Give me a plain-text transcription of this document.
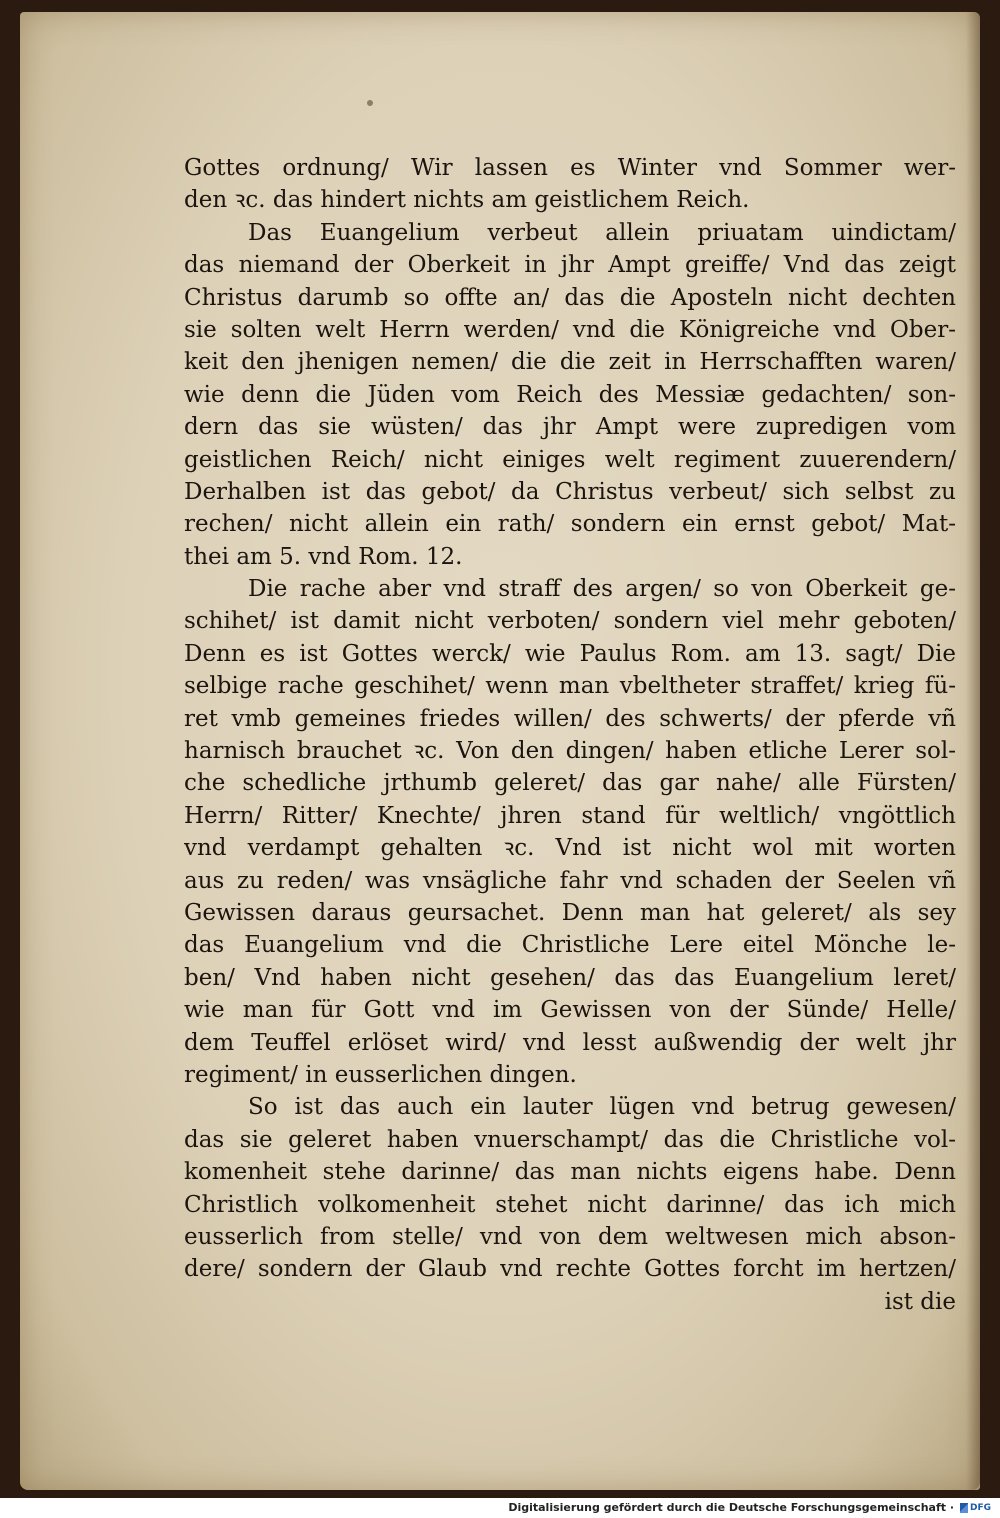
Gottes ordnung/ Wir lassen es Winter vnd Sommer wer-
den ꝛc. das hindert nichts am geistlichem Reich.
Das Euangelium verbeut allein priuatam uindictam/
das niemand der Oberkeit in jhr Ampt greiffe/ Vnd das zeigt
Christus darumb so offte an/ das die Aposteln nicht dechten
sie solten welt Herrn werden/ vnd die Königreiche vnd Ober-
keit den jhenigen nemen/ die die zeit in Herrschafften waren/
wie denn die Jüden vom Reich des Messiæ gedachten/ son-
dern das sie wüsten/ das jhr Ampt were zupredigen vom
geistlichen Reich/ nicht einiges welt regiment zuuerendern/
Derhalben ist das gebot/ da Christus verbeut/ sich selbst zu
rechen/ nicht allein ein rath/ sondern ein ernst gebot/ Mat-
thei am 5. vnd Rom. 12.
Die rache aber vnd straff des argen/ so von Oberkeit ge-
schihet/ ist damit nicht verboten/ sondern viel mehr geboten/
Denn es ist Gottes werck/ wie Paulus Rom. am 13. sagt/ Die
selbige rache geschihet/ wenn man vbeltheter straffet/ krieg fü-
ret vmb gemeines friedes willen/ des schwerts/ der pferde vñ
harnisch brauchet ꝛc. Von den dingen/ haben etliche Lerer sol-
che schedliche jrthumb geleret/ das gar nahe/ alle Fürsten/
Herrn/ Ritter/ Knechte/ jhren stand für weltlich/ vngöttlich
vnd verdampt gehalten ꝛc. Vnd ist nicht wol mit worten
aus zu reden/ was vnsägliche fahr vnd schaden der Seelen vñ
Gewissen daraus geursachet. Denn man hat geleret/ als sey
das Euangelium vnd die Christliche Lere eitel Mönche le-
ben/ Vnd haben nicht gesehen/ das das Euangelium leret/
wie man für Gott vnd im Gewissen von der Sünde/ Helle/
dem Teuffel erlöset wird/ vnd lesst außwendig der welt jhr
regiment/ in eusserlichen dingen.
So ist das auch ein lauter lügen vnd betrug gewesen/
das sie geleret haben vnuerschampt/ das die Christliche vol-
komenheit stehe darinne/ das man nichts eigens habe. Denn
Christlich volkomenheit stehet nicht darinne/ das ich mich
eusserlich from stelle/ vnd von dem weltwesen mich abson-
dere/ sondern der Glaub vnd rechte Gottes forcht im hertzen/
ist die
Digitalisierung gefördert durch die Deutsche Forschungsgemeinschaft · DFG
